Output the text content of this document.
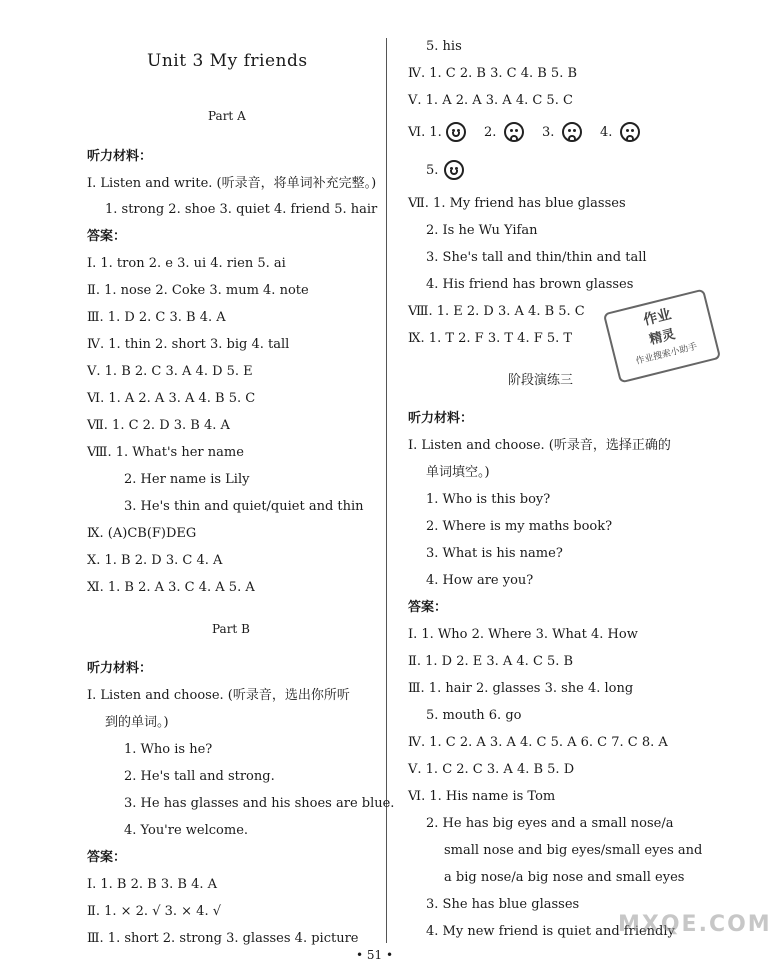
Unit 3 My friends
Part A
听力材料：
Ⅰ. Listen and write. (听录音，将单词补充完整。)
1. strong 2. shoe 3. quiet 4. friend 5. hair
答案：
Ⅰ. 1. tron 2. e 3. ui 4. rien 5. ai
Ⅱ. 1. nose 2. Coke 3. mum 4. note
Ⅲ. 1. D 2. C 3. B 4. A
Ⅳ. 1. thin 2. short 3. big 4. tall
Ⅴ. 1. B 2. C 3. A 4. D 5. E
Ⅵ. 1. A 2. A 3. A 4. B 5. C
Ⅶ. 1. C 2. D 3. B 4. A
Ⅷ. 1. What's her name
2. Her name is Lily
3. He's thin and quiet/quiet and thin
Ⅸ. (A)CB(F)DEG
Ⅹ. 1. B 2. D 3. C 4. A
Ⅺ. 1. B 2. A 3. C 4. A 5. A
Part B
听力材料：
Ⅰ. Listen and choose. (听录音，选出你所听
到的单词。)
1. Who is he?
2. He's tall and strong.
3. He has glasses and his shoes are blue.
4. You're welcome.
答案：
Ⅰ. 1. B 2. B 3. B 4. A
Ⅱ. 1. × 2. √ 3. × 4. √
Ⅲ. 1. short 2. strong 3. glasses 4. picture
5. his
Ⅳ. 1. C 2. B 3. C 4. B 5. B
Ⅴ. 1. A 2. A 3. A 4. C 5. C
Ⅵ. 1.	2.	3.	4.
5.
Ⅶ. 1. My friend has blue glasses
2. Is he Wu Yifan
3. She's tall and thin/thin and tall
4. His friend has brown glasses
Ⅷ. 1. E 2. D 3. A 4. B 5. C
Ⅸ. 1. T 2. F 3. T 4. F 5. T
阶段演练三
听力材料：
Ⅰ. Listen and choose. (听录音，选择正确的
单词填空。)
1. Who is this boy?
2. Where is my maths book?
3. What is his name?
4. How are you?
答案：
Ⅰ. 1. Who 2. Where 3. What 4. How
Ⅱ. 1. D 2. E 3. A 4. C 5. B
Ⅲ. 1. hair 2. glasses 3. she 4. long
5. mouth 6. go
Ⅳ. 1. C 2. A 3. A 4. C 5. A 6. C 7. C 8. A
Ⅴ. 1. C 2. C 3. A 4. B 5. D
Ⅵ. 1. His name is Tom
2. He has big eyes and a small nose/a
small nose and big eyes/small eyes and
a big nose/a big nose and small eyes
3. She has blue glasses
4. My new friend is quiet and friendly
作业
精灵
作业搜索小助手
MXQE.COM
• 51 •
